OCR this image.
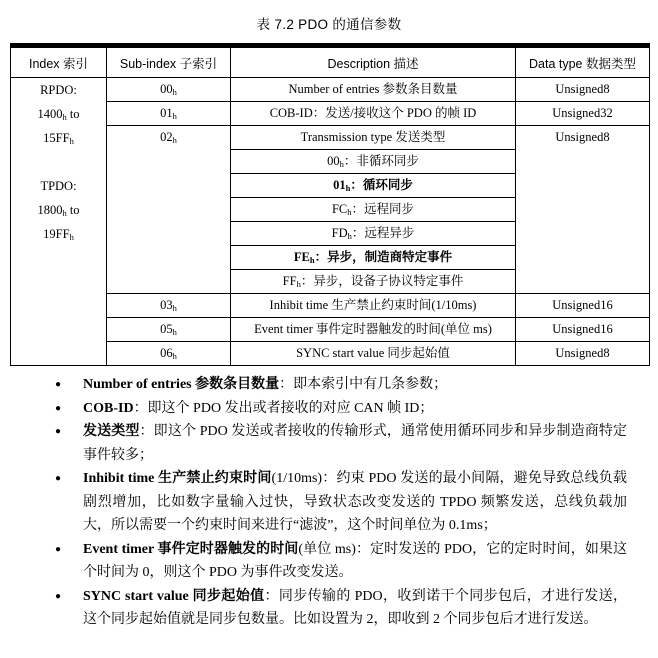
表 7.2 PDO 的通信参数
Index 索引	Sub-index 子索引	Description 描述	Data type 数据类型

RPDO:
$1400_h$ to
$15FF_h$
TPDO:
$1800_h$ to
$19FF_h$
	$00_h$	Number of entries 参数条目数量	Unsigned8
	$01_h$	COB-ID：发送/接收这个 PDO 的帧 ID	Unsigned32
	$02_h$	Transmission type 发送类型	Unsigned8
		$00_h$：非循环同步	
		$01_h$：循环同步	
		$FC_h$：远程同步	
		$FD_h$：远程异步	
		$FE_h$：异步，制造商特定事件	
		$FF_h$：异步，设备子协议特定事件	
	$03_h$	Inhibit time 生产禁止约束时间(1/10ms)	Unsigned16
	$05_h$	Event timer 事件定时器触发的时间(单位 ms)	Unsigned16
	$06_h$	SYNC start value 同步起始值	Unsigned8
● Number of entries 参数条目数量：即本索引中有几条参数；
● COB-ID：即这个 PDO 发出或者接收的对应 CAN 帧 ID；
● 发送类型：即这个 PDO 发送或者接收的传输形式，通常使用循环同步和异步制造商特定事件较多；
● Inhibit time 生产禁止约束时间(1/10ms)：约束 PDO 发送的最小间隔，避免导致总线负载剧烈增加，比如数字量输入过快，导致状态改变发送的 TPDO 频繁发送，总线负载加大，所以需要一个约束时间来进行“滤波”，这个时间单位为 0.1ms；
● Event timer 事件定时器触发的时间(单位 ms)：定时发送的 PDO，它的定时时间，如果这个时间为 0，则这个 PDO 为事件改变发送。
● SYNC start value 同步起始值：同步传输的 PDO，收到诺干个同步包后，才进行发送，这个同步起始值就是同步包数量。比如设置为 2，即收到 2 个同步包后才进行发送。
